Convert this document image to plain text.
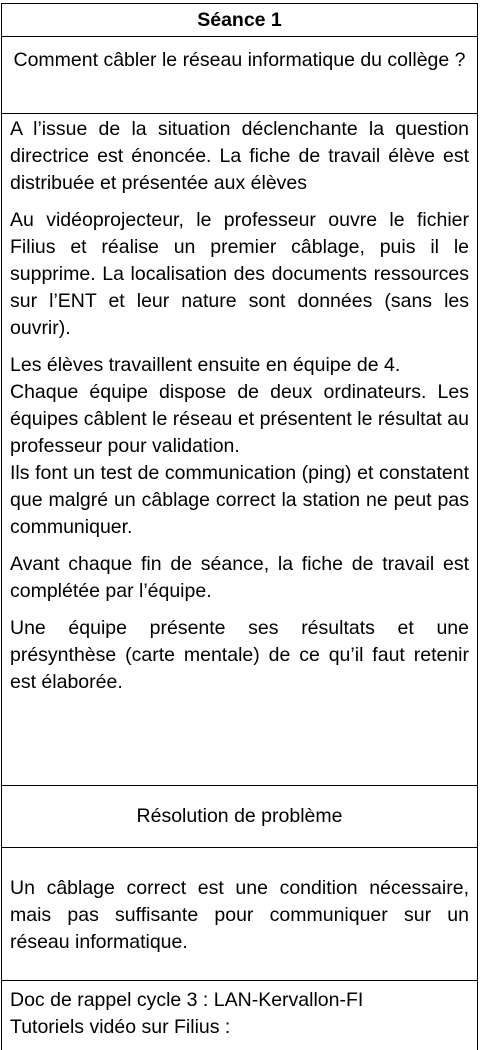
Séance 1
Comment câbler le réseau informatique du collège ?

A l’issue de la situation déclenchante la question directrice est énoncée. La fiche de travail élève est distribuée et présentée aux élèves

Au vidéoprojecteur, le professeur ouvre le fichier Filius et réalise un premier câblage, puis il le supprime. La localisation des documents ressources sur l’ENT et leur nature sont données (sans les ouvrir).

Les élèves travaillent ensuite en équipe de 4.
Chaque équipe dispose de deux ordinateurs. Les équipes câblent le réseau et présentent le résultat au professeur pour validation.
Ils font un test de communication (ping) et constatent que malgré un câblage correct la station ne peut pas communiquer.

Avant chaque fin de séance, la fiche de travail est complétée par l’équipe.

Une équipe présente ses résultats et une présynthèse (carte mentale) de ce qu’il faut retenir est élaborée.

Résolution de problème
Un câblage correct est une condition nécessaire, mais pas suffisante pour communiquer sur un réseau informatique.
Doc de rappel cycle 3 : LAN-Kervallon-FI
Tutoriels vidéo sur Filius :
